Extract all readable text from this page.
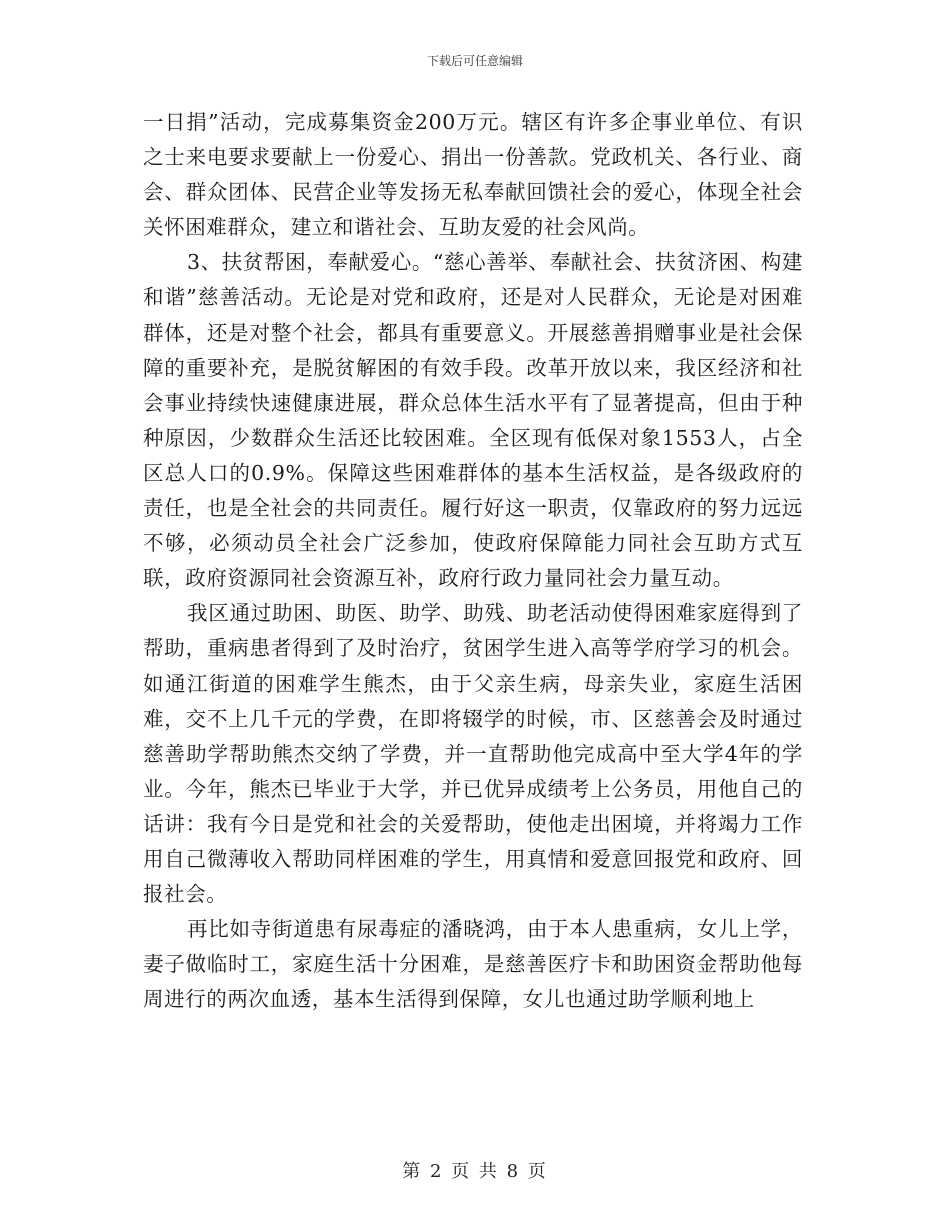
下载后可任意编辑

一日捐”活动，完成募集资金200万元。辖区有许多企事业单位、有识之士来电要求要献上一份爱心、捐出一份善款。党政机关、各行业、商会、群众团体、民营企业等发扬无私奉献回馈社会的爱心，体现全社会关怀困难群众，建立和谐社会、互助友爱的社会风尚。

3、扶贫帮困，奉献爱心。“慈心善举、奉献社会、扶贫济困、构建和谐”慈善活动。无论是对党和政府，还是对人民群众，无论是对困难群体，还是对整个社会，都具有重要意义。开展慈善捐赠事业是社会保障的重要补充，是脱贫解困的有效手段。改革开放以来，我区经济和社会事业持续快速健康进展，群众总体生活水平有了显著提高，但由于种种原因，少数群众生活还比较困难。全区现有低保对象1553人，占全区总人口的0.9%。保障这些困难群体的基本生活权益，是各级政府的责任，也是全社会的共同责任。履行好这一职责，仅靠政府的努力远远不够，必须动员全社会广泛参加，使政府保障能力同社会互助方式互联，政府资源同社会资源互补，政府行政力量同社会力量互动。

我区通过助困、助医、助学、助残、助老活动使得困难家庭得到了帮助，重病患者得到了及时治疗，贫困学生进入高等学府学习的机会。如通江街道的困难学生熊杰，由于父亲生病，母亲失业，家庭生活困难，交不上几千元的学费，在即将辍学的时候，市、区慈善会及时通过慈善助学帮助熊杰交纳了学费，并一直帮助他完成高中至大学4年的学业。今年，熊杰已毕业于大学，并已优异成绩考上公务员，用他自己的话讲：我有今日是党和社会的关爱帮助，使他走出困境，并将竭力工作用自己微薄收入帮助同样困难的学生，用真情和爱意回报党和政府、回报社会。

再比如寺街道患有尿毒症的潘晓鸿，由于本人患重病，女儿上学，妻子做临时工，家庭生活十分困难，是慈善医疗卡和助困资金帮助他每周进行的两次血透，基本生活得到保障，女儿也通过助学顺利地上

第 2 页 共 8 页
